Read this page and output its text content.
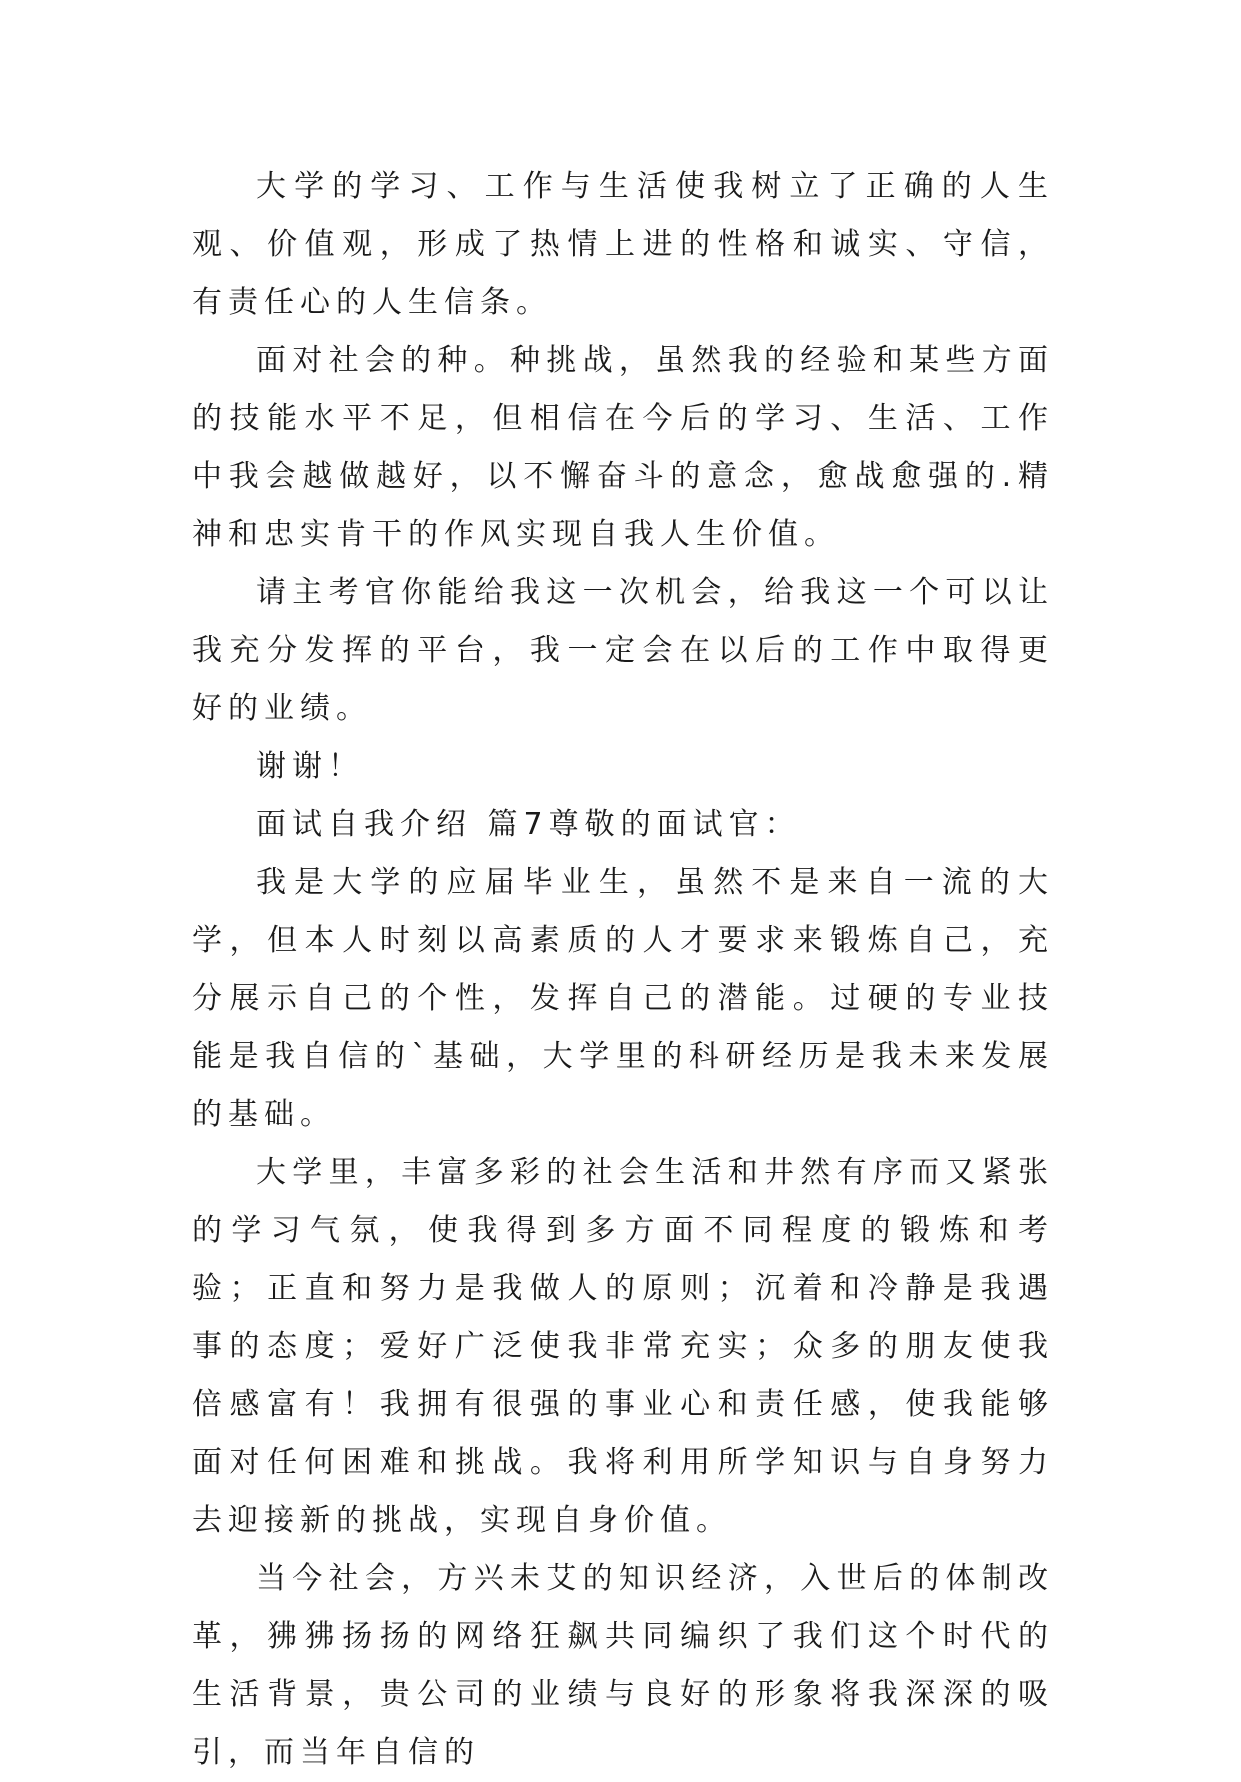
大学的学习、工作与生活使我树立了正确的人生观、价值观，形成了热情上进的性格和诚实、守信，有责任心的人生信条。

面对社会的种。种挑战，虽然我的经验和某些方面的技能水平不足，但相信在今后的学习、生活、工作中我会越做越好，以不懈奋斗的意念，愈战愈强的.精神和忠实肯干的作风实现自我人生价值。

请主考官你能给我这一次机会，给我这一个可以让我充分发挥的平台，我一定会在以后的工作中取得更好的业绩。

谢谢！

面试自我介绍 篇7尊敬的面试官：

我是大学的应届毕业生，虽然不是来自一流的大学，但本人时刻以高素质的人才要求来锻炼自己，充分展示自己的个性，发挥自己的潜能。过硬的专业技能是我自信的`基础，大学里的科研经历是我未来发展的基础。

大学里，丰富多彩的社会生活和井然有序而又紧张的学习气氛，使我得到多方面不同程度的锻炼和考验；正直和努力是我做人的原则；沉着和冷静是我遇事的态度；爱好广泛使我非常充实；众多的朋友使我倍感富有！我拥有很强的事业心和责任感，使我能够面对任何困难和挑战。我将利用所学知识与自身努力去迎接新的挑战，实现自身价值。

当今社会，方兴未艾的知识经济，入世后的体制改革，狒狒扬扬的网络狂飙共同编织了我们这个时代的生活背景，贵公司的业绩与良好的形象将我深深的吸引，而当年自信的
